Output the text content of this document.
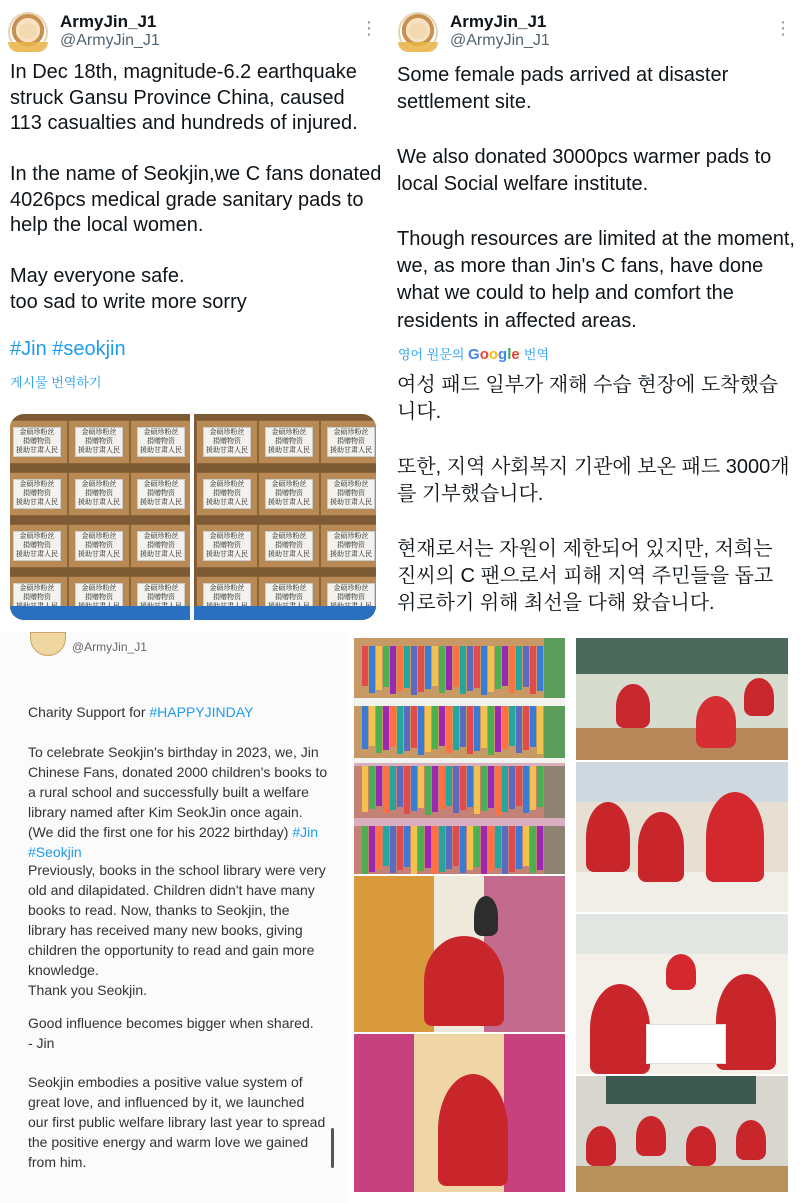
ArmyJin_J1
@ArmyJin_J1
⋮
In Dec 18th, magnitude-6.2 earthquake struck Gansu Province China, caused 113 casualties and hundreds of injured.

In the name of Seokjin,we C fans donated 4026pcs medical grade sanitary pads to help the local women.

May everyone safe.
too sad to write more sorry
#Jin #seokjin
게시물 번역하기
金硕珍粉丝
捐赠物资
援助甘肃人民
金硕珍粉丝
捐赠物资
援助甘肃人民
金硕珍粉丝
捐赠物资
援助甘肃人民
金硕珍粉丝
捐赠物资
援助甘肃人民
金硕珍粉丝
捐赠物资
援助甘肃人民
金硕珍粉丝
捐赠物资
援助甘肃人民
金硕珍粉丝
捐赠物资
援助甘肃人民
金硕珍粉丝
捐赠物资
援助甘肃人民
金硕珍粉丝
捐赠物资
援助甘肃人民
金硕珍粉丝
捐赠物资

金硕珍粉丝
捐赠物资

金硕珍粉丝
捐赠物资

金硕珍粉丝
捐赠物资
援助甘肃人民
金硕珍粉丝
捐赠物资
援助甘肃人民
金硕珍粉丝
捐赠物资
援助甘肃人民
金硕珍粉丝
捐赠物资
援助甘肃人民
金硕珍粉丝
捐赠物资
援助甘肃人民
金硕珍粉丝
捐赠物资
援助甘肃人民
金硕珍粉丝
捐赠物资
援助甘肃人民
金硕珍粉丝
捐赠物资
援助甘肃人民
金硕珍粉丝
捐赠物资
援助甘肃人民
金硕珍粉丝
捐赠物资

金硕珍粉丝
捐赠物资

金硕珍粉丝
捐赠物资

ArmyJin_J1
@ArmyJin_J1
⋮
Some female pads arrived at disaster settlement site.

We also donated 3000pcs warmer pads to local Social welfare institute.

Though resources are limited at the moment, we, as more than Jin's C fans, have done what we could to help and comfort the residents in affected areas.
영어 원문의 Google 번역
여성 패드 일부가 재해 수습 현장에 도착했습니다.

또한, 지역 사회복지 기관에 보온 패드 3000개를 기부했습니다.

현재로서는 자원이 제한되어 있지만, 저희는 진씨의 C 팬으로서 피해 지역 주민들을 돕고 위로하기 위해 최선을 다해 왔습니다.
@ArmyJin_J1

Charity Support for #HAPPYJINDAY

To celebrate Seokjin's birthday in 2023, we, Jin Chinese Fans, donated 2000 children's books to a rural school and successfully built a welfare library named after Kim SeokJin once again. (We did the first one for his 2022 birthday) #Jin #Seokjin

Previously, books in the school library were very old and dilapidated. Children didn't have many books to read. Now, thanks to Seokjin, the library has received many new books, giving children the opportunity to read and gain more knowledge.
Thank you Seokjin.
Good influence becomes bigger when shared.
- Jin
Seokjin embodies a positive value system of great love, and influenced by it, we launched our first public welfare library last year to spread the positive energy and warm love we gained from him.
